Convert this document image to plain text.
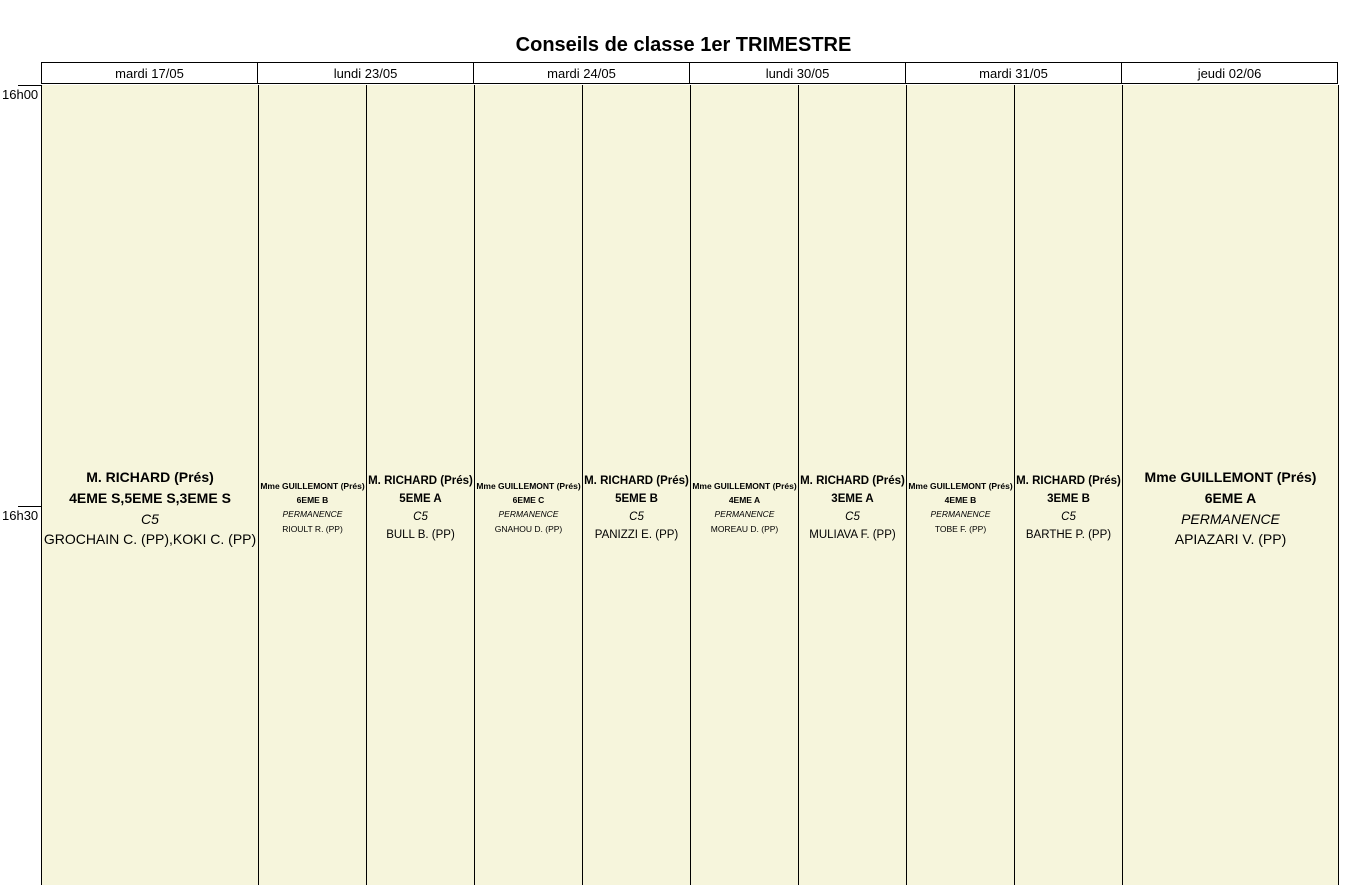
Conseils de classe 1er TRIMESTRE
16h00
16h30
mardi 17/05	lundi 23/05	mardi 24/05	lundi 30/05	mardi 31/05	jeudi 02/06
M. RICHARD (Prés)
4EME S,5EME S,3EME S
C5
GROCHAIN C. (PP),KOKI C. (PP)
Mme GUILLEMONT (Prés)
6EME B
PERMANENCE
RIOULT R. (PP)
M. RICHARD (Prés)
5EME A
C5
BULL B. (PP)
Mme GUILLEMONT (Prés)
6EME C
PERMANENCE
GNAHOU D. (PP)
M. RICHARD (Prés)
5EME B
C5
PANIZZI E. (PP)
Mme GUILLEMONT (Prés)
4EME A
PERMANENCE
MOREAU D. (PP)
M. RICHARD (Prés)
3EME A
C5
MULIAVA F. (PP)
Mme GUILLEMONT (Prés)
4EME B
PERMANENCE
TOBE F. (PP)
M. RICHARD (Prés)
3EME B
C5
BARTHE P. (PP)
Mme GUILLEMONT (Prés)
6EME A
PERMANENCE
APIAZARI V. (PP)
